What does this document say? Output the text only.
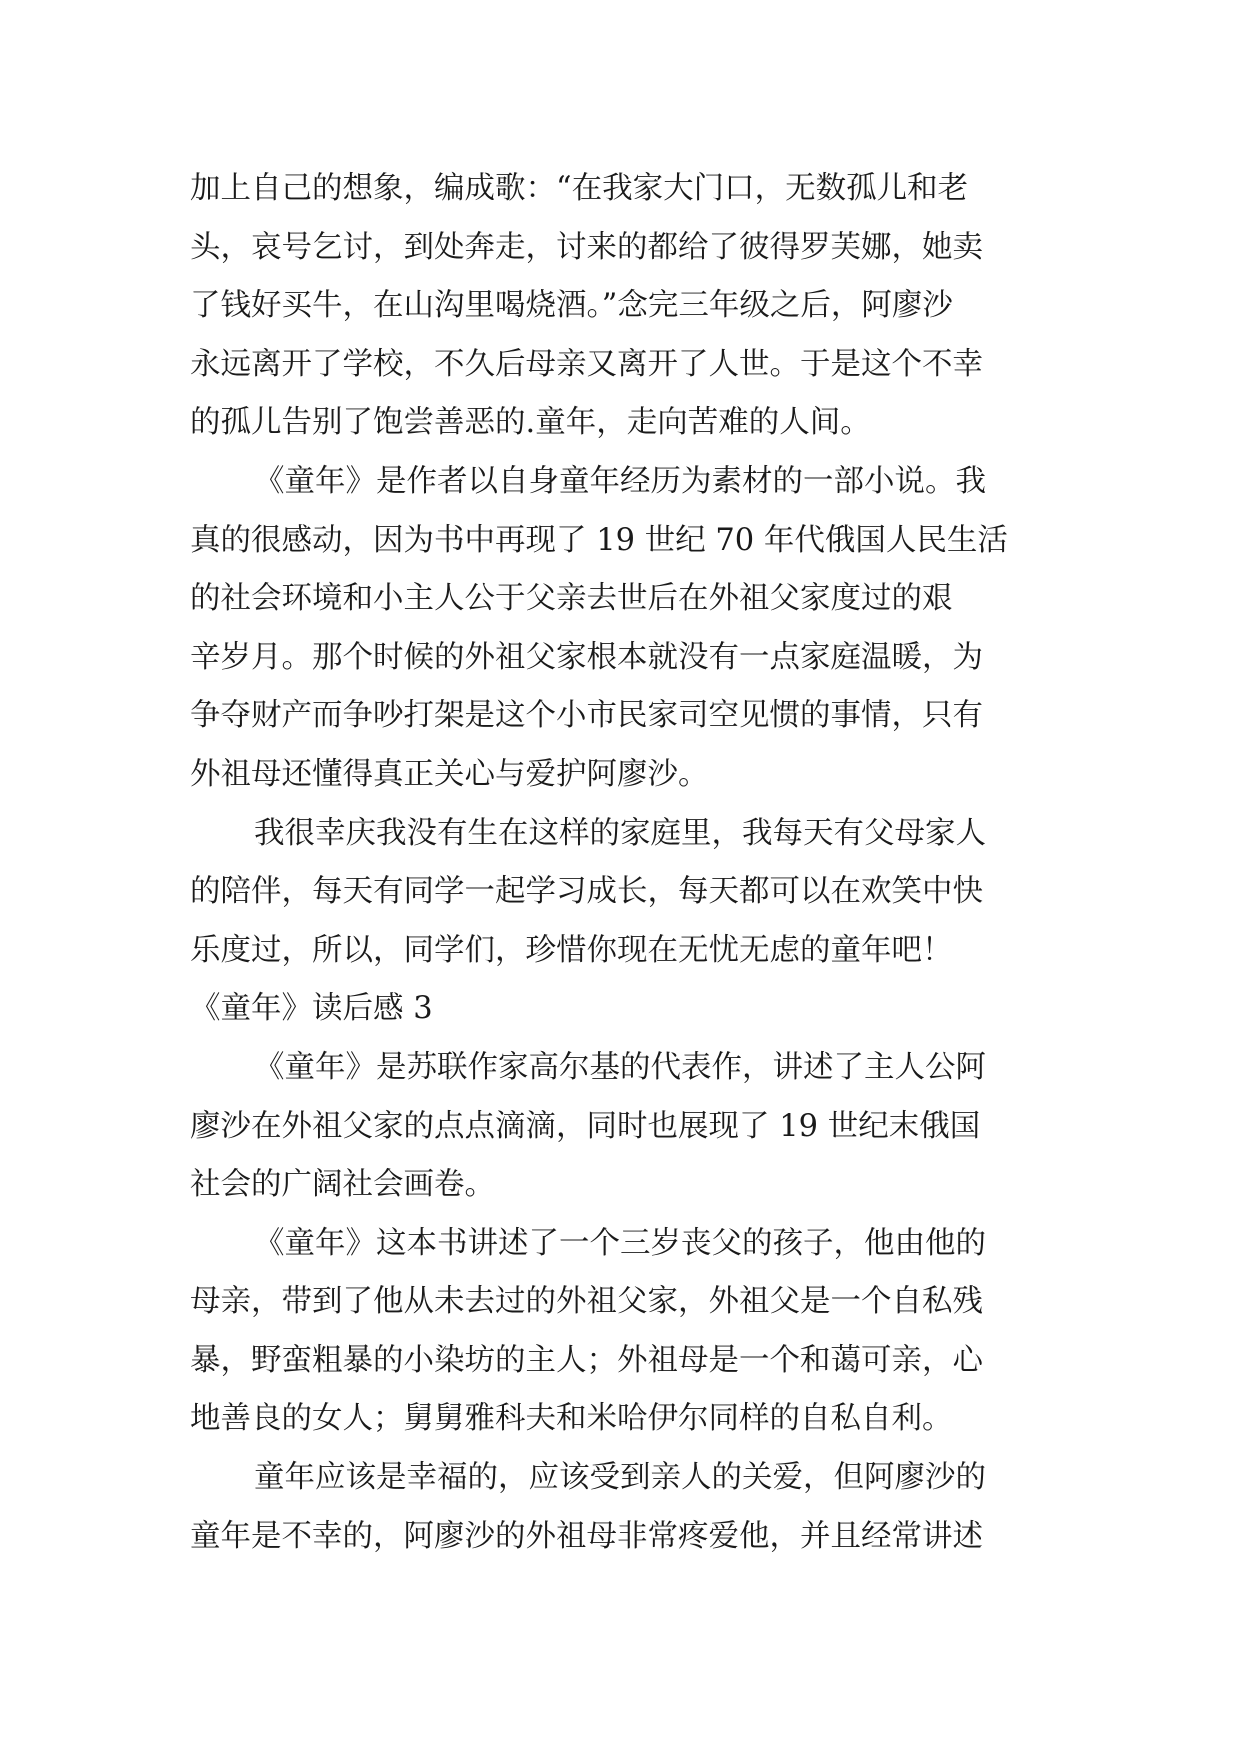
加上自己的想象，编成歌：“在我家大门口，无数孤儿和老
头，哀号乞讨，到处奔走，讨来的都给了彼得罗芙娜，她卖
了钱好买牛，在山沟里喝烧酒。”念完三年级之后，阿廖沙
永远离开了学校，不久后母亲又离开了人世。于是这个不幸
的孤儿告别了饱尝善恶的.童年，走向苦难的人间。
《童年》是作者以自身童年经历为素材的一部小说。我
真的很感动，因为书中再现了 19 世纪 70 年代俄国人民生活
的社会环境和小主人公于父亲去世后在外祖父家度过的艰
辛岁月。那个时候的外祖父家根本就没有一点家庭温暖，为
争夺财产而争吵打架是这个小市民家司空见惯的事情，只有
外祖母还懂得真正关心与爱护阿廖沙。
我很幸庆我没有生在这样的家庭里，我每天有父母家人
的陪伴，每天有同学一起学习成长，每天都可以在欢笑中快
乐度过，所以，同学们，珍惜你现在无忧无虑的童年吧！
《童年》读后感 3
《童年》是苏联作家高尔基的代表作，讲述了主人公阿
廖沙在外祖父家的点点滴滴，同时也展现了 19 世纪末俄国
社会的广阔社会画卷。
《童年》这本书讲述了一个三岁丧父的孩子，他由他的
母亲，带到了他从未去过的外祖父家，外祖父是一个自私残
暴，野蛮粗暴的小染坊的主人；外祖母是一个和蔼可亲，心
地善良的女人；舅舅雅科夫和米哈伊尔同样的自私自利。
童年应该是幸福的，应该受到亲人的关爱，但阿廖沙的
童年是不幸的，阿廖沙的外祖母非常疼爱他，并且经常讲述
